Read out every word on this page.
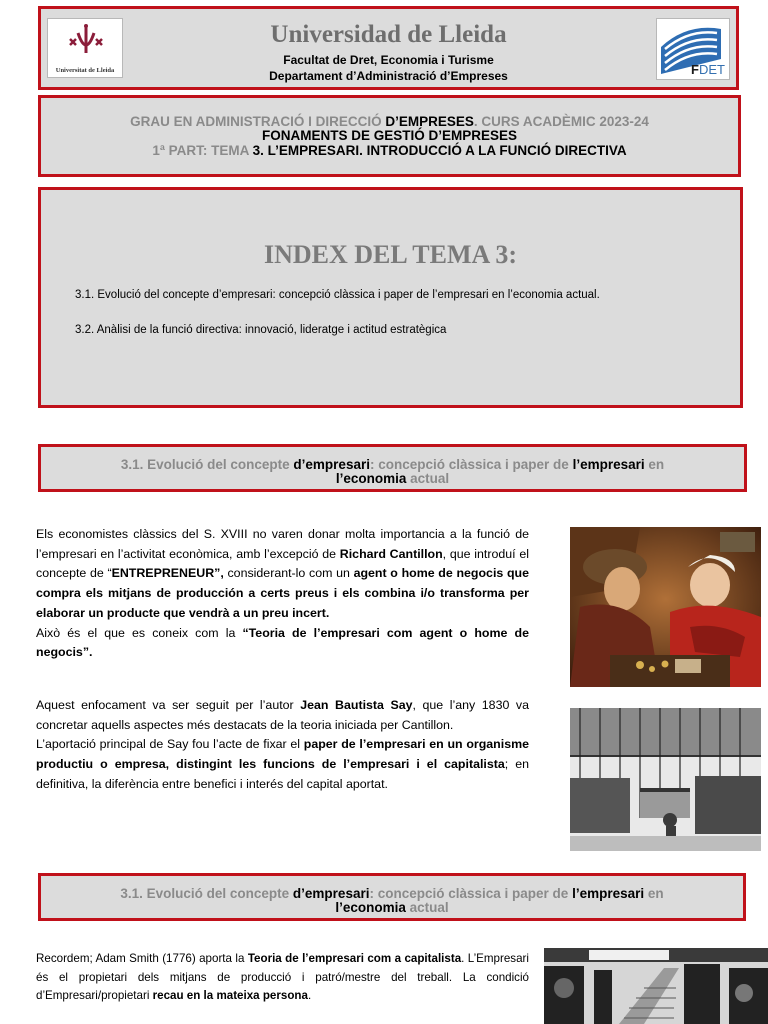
Universitat de Lleida
Universidad de Lleida
Facultat de Dret, Economia i Turisme
Departament d’Administració d’Empreses	FDET
GRAU EN ADMINISTRACIÓ I DIRECCIÓ D’EMPRESES. CURS ACADÈMIC 2023-24
FONAMENTS DE GESTIÓ D’EMPRESES
1ª PART: TEMA 3. L’EMPRESARI. INTRODUCCIÓ A LA FUNCIÓ DIRECTIVA
INDEX DEL TEMA 3:
3.1. Evolució del concepte d’empresari: concepció clàssica i paper de l’empresari en l’economia actual.
3.2. Anàlisi de la funció directiva: innovació, lideratge i actitud estratègica
3.1. Evolució del concepte d’empresari: concepció clàssica i paper de l’empresari en
l’economia actual
Els economistes clàssics del S. XVIII no varen donar molta importancia a la funció de l’empresari en l’activitat econòmica, amb l’excepció de Richard Cantillon, que introduí el concepte de “ENTREPRENEUR”, considerant-lo com un agent o home de negocis que compra els mitjans de producción a certs preus i els combina i/o transforma per elaborar un producte que vendrà a un preu incert.
Això és el que es coneix com la “Teoria de l’empresari com agent o home de negocis”.
Aquest enfocament va ser seguit per l’autor Jean Bautista Say, que l’any 1830 va concretar aquells aspectes més destacats de la teoria iniciada per Cantillon.
L’aportació principal de Say fou l’acte de fixar el paper de l’empresari en un organisme productiu o empresa, distingint les funcions de l’empresari i el capitalista; en definitiva, la diferència entre benefici i interés del capital aportat.
3.1. Evolució del concepte d’empresari: concepció clàssica i paper de l’empresari en
l’economia actual
Recordem; Adam Smith (1776) aporta la Teoria de l’empresari com a capitalista. L’Empresari és el propietari dels mitjans de producció i patró/mestre del treball. La condició d’Empresari/propietari recau en la mateixa persona.
